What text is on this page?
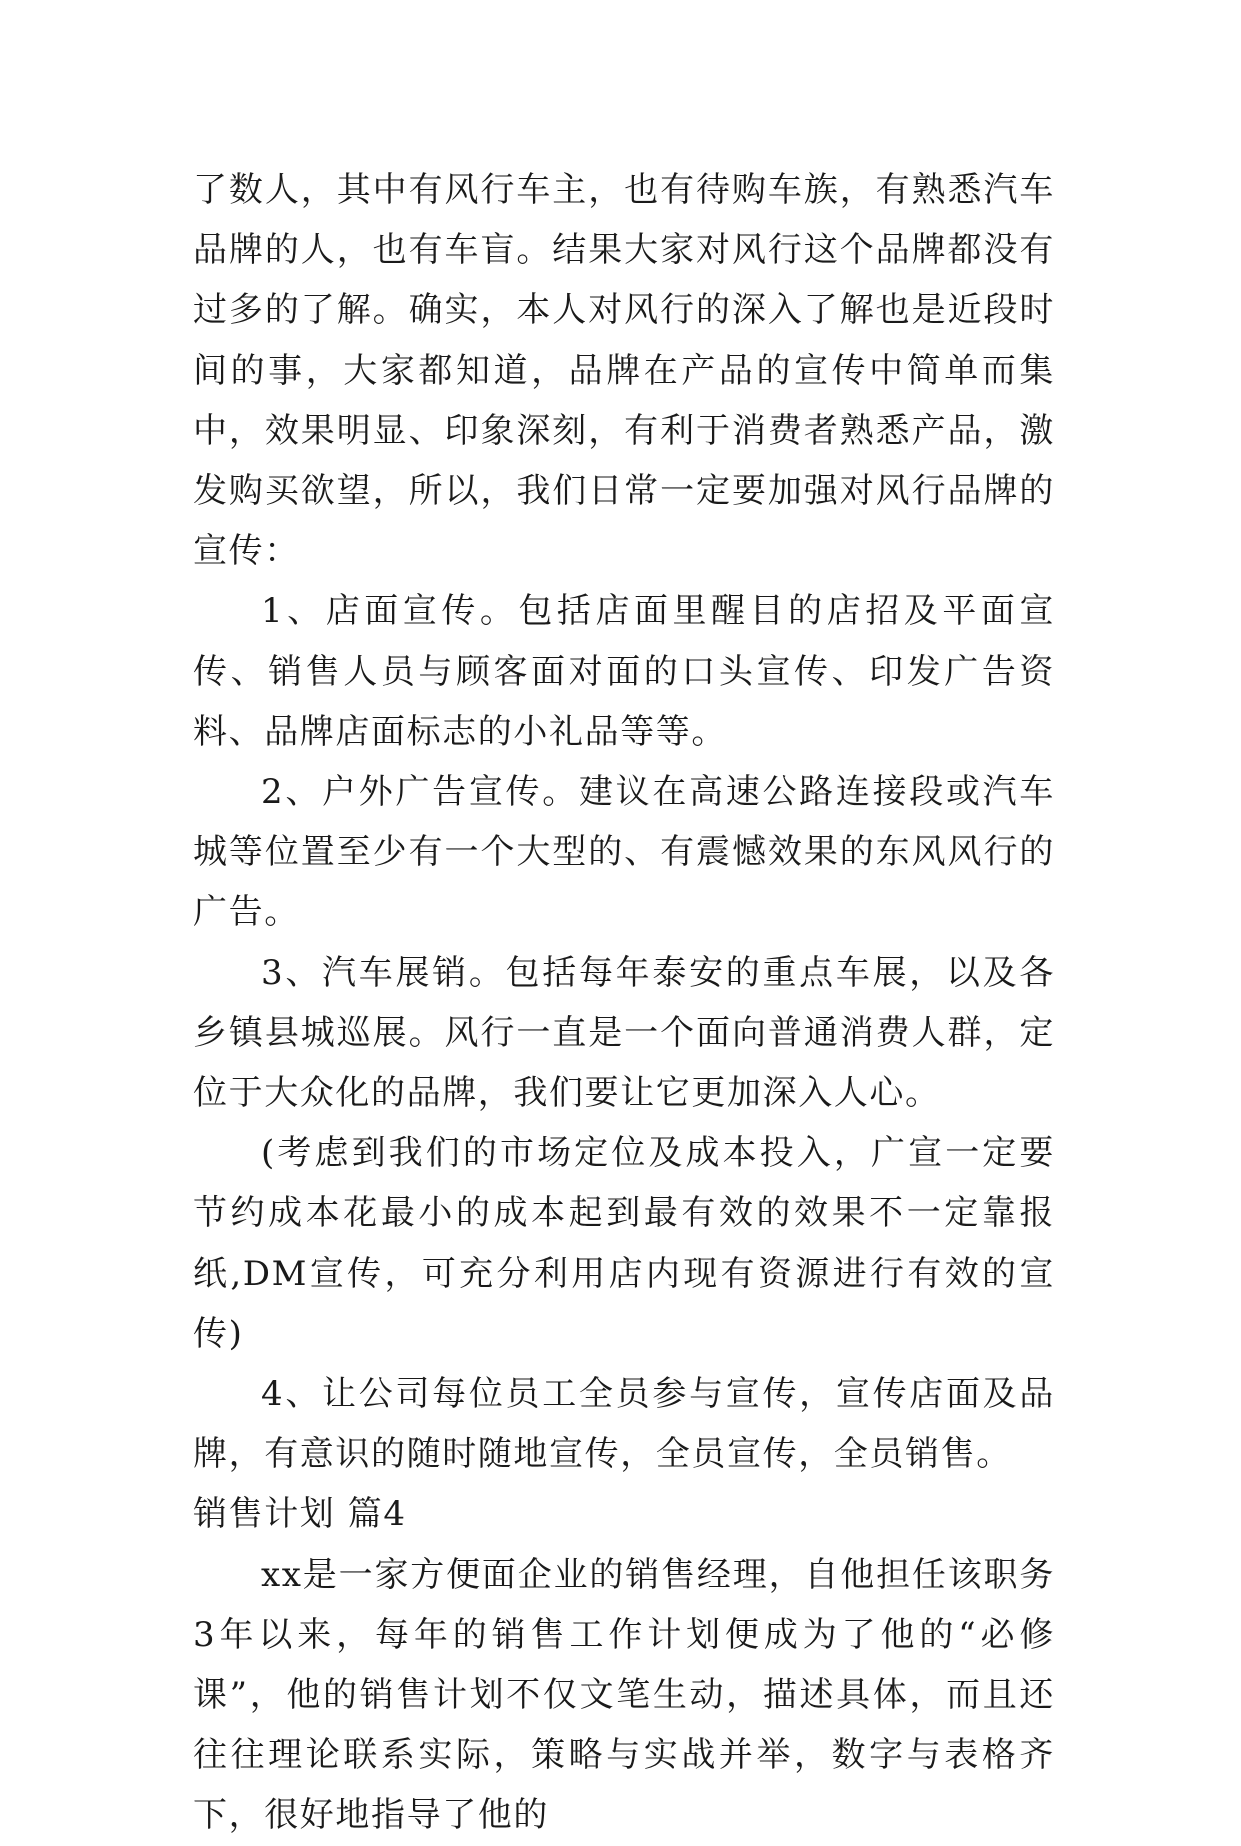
了数人，其中有风行车主，也有待购车族，有熟悉汽车品牌的人，也有车盲。结果大家对风行这个品牌都没有过多的了解。确实，本人对风行的深入了解也是近段时间的事，大家都知道，品牌在产品的宣传中简单而集中，效果明显、印象深刻，有利于消费者熟悉产品，激发购买欲望，所以，我们日常一定要加强对风行品牌的宣传：

1、店面宣传。包括店面里醒目的店招及平面宣传、销售人员与顾客面对面的口头宣传、印发广告资料、品牌店面标志的小礼品等等。

2、户外广告宣传。建议在高速公路连接段或汽车城等位置至少有一个大型的、有震憾效果的东风风行的广告。

3、汽车展销。包括每年泰安的重点车展，以及各乡镇县城巡展。风行一直是一个面向普通消费人群，定位于大众化的品牌，我们要让它更加深入人心。

(考虑到我们的市场定位及成本投入，广宣一定要节约成本花最小的成本起到最有效的效果不一定靠报纸,DM宣传，可充分利用店内现有资源进行有效的宣传)

4、让公司每位员工全员参与宣传，宣传店面及品牌，有意识的随时随地宣传，全员宣传，全员销售。

销售计划 篇4

xx是一家方便面企业的销售经理，自他担任该职务3年以来，每年的销售工作计划便成为了他的“必修课”，他的销售计划不仅文笔生动，描述具体，而且还往往理论联系实际，策略与实战并举，数字与表格齐下，很好地指导了他的
